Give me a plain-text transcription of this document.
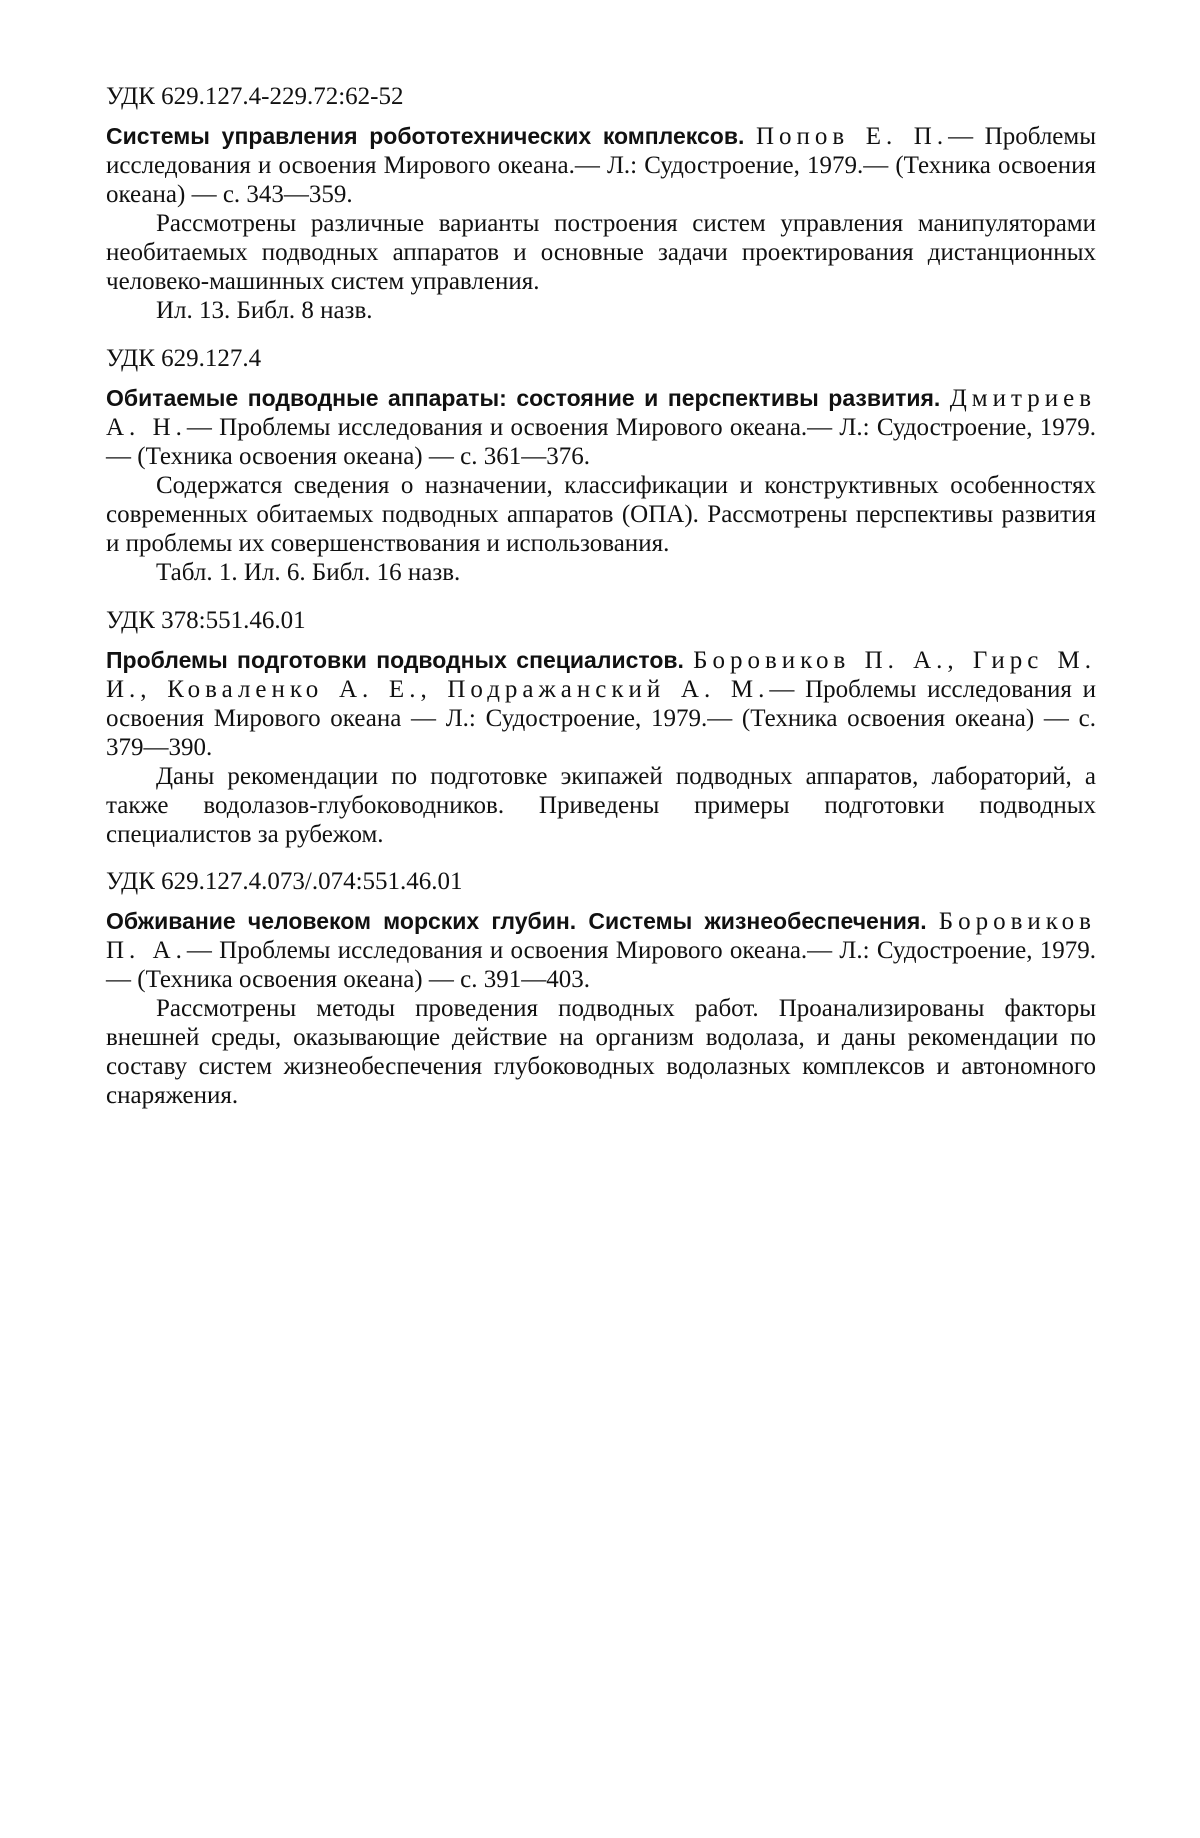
УДК 629.127.4-229.72:62-52

Системы управления робототехнических комплексов. Попов Е. П.— Проблемы исследования и освоения Мирового океана.— Л.: Судостроение, 1979.— (Техника освоения океана) — с. 343—359.

Рассмотрены различные варианты построения систем управления манипуляторами необитаемых подводных аппаратов и основные задачи проектирования дистанционных человеко-машинных систем управления.

Ил. 13. Библ. 8 назв.

УДК 629.127.4

Обитаемые подводные аппараты: состояние и перспективы развития. Дмитриев А. Н.— Проблемы исследования и освоения Мирового океана.— Л.: Судостроение, 1979.— (Техника освоения океана) — с. 361—376.

Содержатся сведения о назначении, классификации и конструктивных особенностях современных обитаемых подводных аппаратов (ОПА). Рассмотрены перспективы развития и проблемы их совершенствования и использования.

Табл. 1. Ил. 6. Библ. 16 назв.

УДК 378:551.46.01

Проблемы подготовки подводных специалистов. Боровиков П. А., Гирс М. И., Коваленко А. Е., Подражанский А. М.— Проблемы исследования и освоения Мирового океана — Л.: Судостроение, 1979.— (Техника освоения океана) — с. 379—390.

Даны рекомендации по подготовке экипажей подводных аппаратов, лабораторий, а также водолазов-глубоководников. Приведены примеры подготовки подводных специалистов за рубежом.

УДК 629.127.4.073/.074:551.46.01

Обживание человеком морских глубин. Системы жизнеобеспечения. Боровиков П. А.— Проблемы исследования и освоения Мирового океана.— Л.: Судостроение, 1979.— (Техника освоения океана) — с. 391—403.

Рассмотрены методы проведения подводных работ. Проанализированы факторы внешней среды, оказывающие действие на организм водолаза, и даны рекомендации по составу систем жизнеобеспечения глубоководных водолазных комплексов и автономного снаряжения.
